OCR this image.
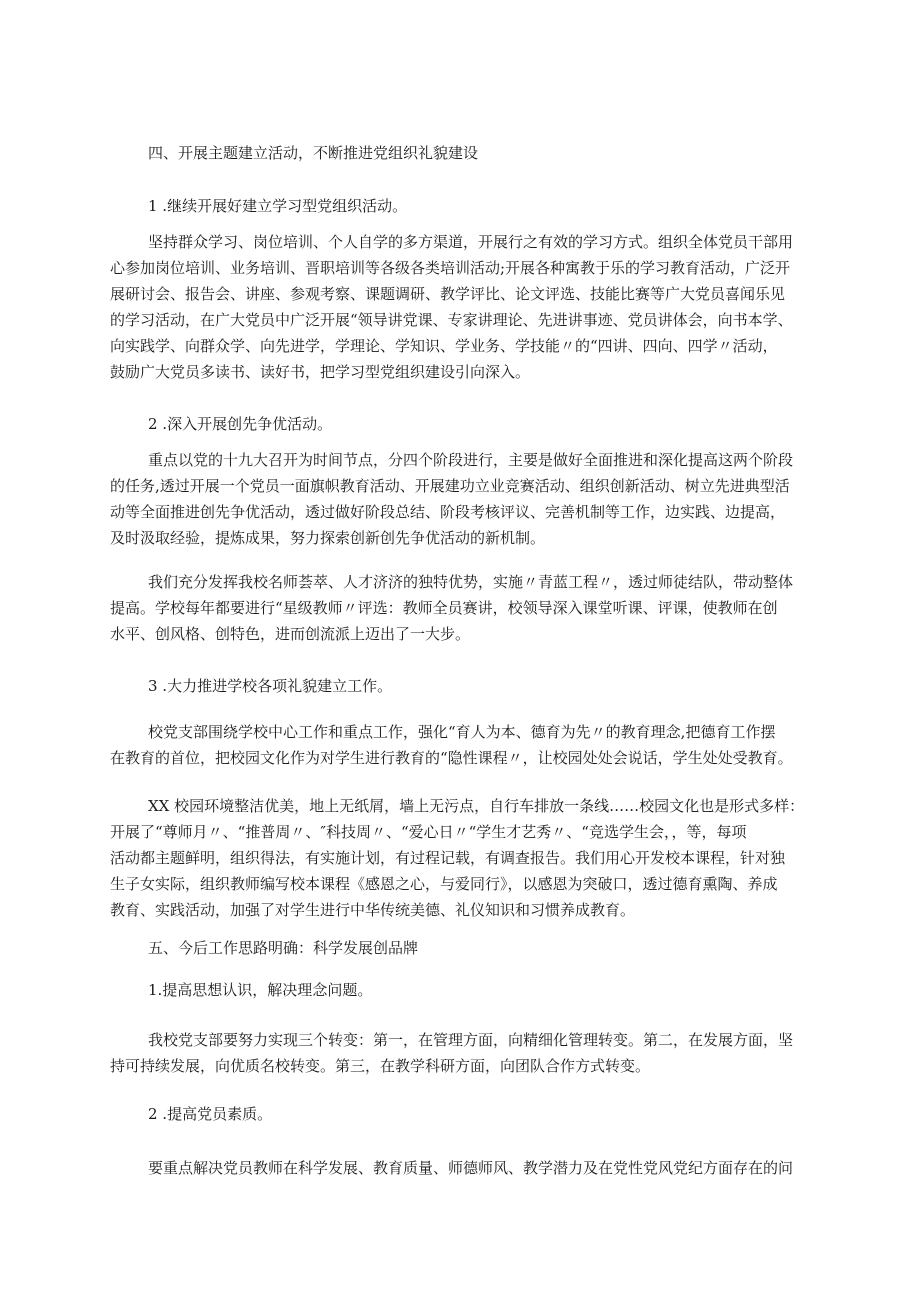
四、开展主题建立活动，不断推进党组织礼貌建设
1 .继续开展好建立学习型党组织活动。
坚持群众学习、岗位培训、个人自学的多方渠道，开展行之有效的学习方式。组织全体党员干部用
心参加岗位培训、业务培训、晋职培训等各级各类培训活动;开展各种寓教于乐的学习教育活动，广泛开
展研讨会、报告会、讲座、参观考察、课题调研、教学评比、论文评选、技能比赛等广大党员喜闻乐见
的学习活动，在广大党员中广泛开展“领导讲党课、专家讲理论、先进讲事迹、党员讲体会，向书本学、
向实践学、向群众学、向先进学，学理论、学知识、学业务、学技能〃的“四讲、四向、四学〃活动，
鼓励广大党员多读书、读好书，把学习型党组织建设引向深入。
2 .深入开展创先争优活动。
重点以党的十九大召开为时间节点，分四个阶段进行，主要是做好全面推进和深化提高这两个阶段
的任务,透过开展一个党员一面旗帜教育活动、开展建功立业竞赛活动、组织创新活动、树立先进典型活
动等全面推进创先争优活动，透过做好阶段总结、阶段考核评议、完善机制等工作，边实践、边提高，
及时汲取经验，提炼成果，努力探索创新创先争优活动的新机制。
我们充分发挥我校名师荟萃、人才济济的独特优势，实施〃青蓝工程〃，透过师徒结队，带动整体
提高。学校每年都要进行“星级教师〃评选：教师全员赛讲，校领导深入课堂听课、评课，使教师在创
水平、创风格、创特色，进而创流派上迈出了一大步。
3 .大力推进学校各项礼貌建立工作。
校党支部围绕学校中心工作和重点工作，强化“育人为本、德育为先〃的教育理念,把德育工作摆
在教育的首位，把校园文化作为对学生进行教育的“隐性课程〃，让校园处处会说话，学生处处受教育。
XX 校园环境整洁优美，地上无纸屑，墙上无污点，自行车排放一条线……校园文化也是形式多样：
开展了“尊师月〃、“推普周〃、″科技周〃、“爱心日〃“学生才艺秀〃、“竞选学生会，，等，每项
活动都主题鲜明，组织得法，有实施计划，有过程记载，有调查报告。我们用心开发校本课程，针对独
生子女实际，组织教师编写校本课程《感恩之心，与爱同行》，以感恩为突破口，透过德育熏陶、养成
教育、实践活动，加强了对学生进行中华传统美德、礼仪知识和习惯养成教育。
五、今后工作思路明确：科学发展创品牌
1.提高思想认识，解决理念问题。
我校党支部要努力实现三个转变：第一，在管理方面，向精细化管理转变。第二，在发展方面，坚
持可持续发展，向优质名校转变。第三，在教学科研方面，向团队合作方式转变。
2 .提高党员素质。
要重点解决党员教师在科学发展、教育质量、师德师风、教学潜力及在党性党风党纪方面存在的问
